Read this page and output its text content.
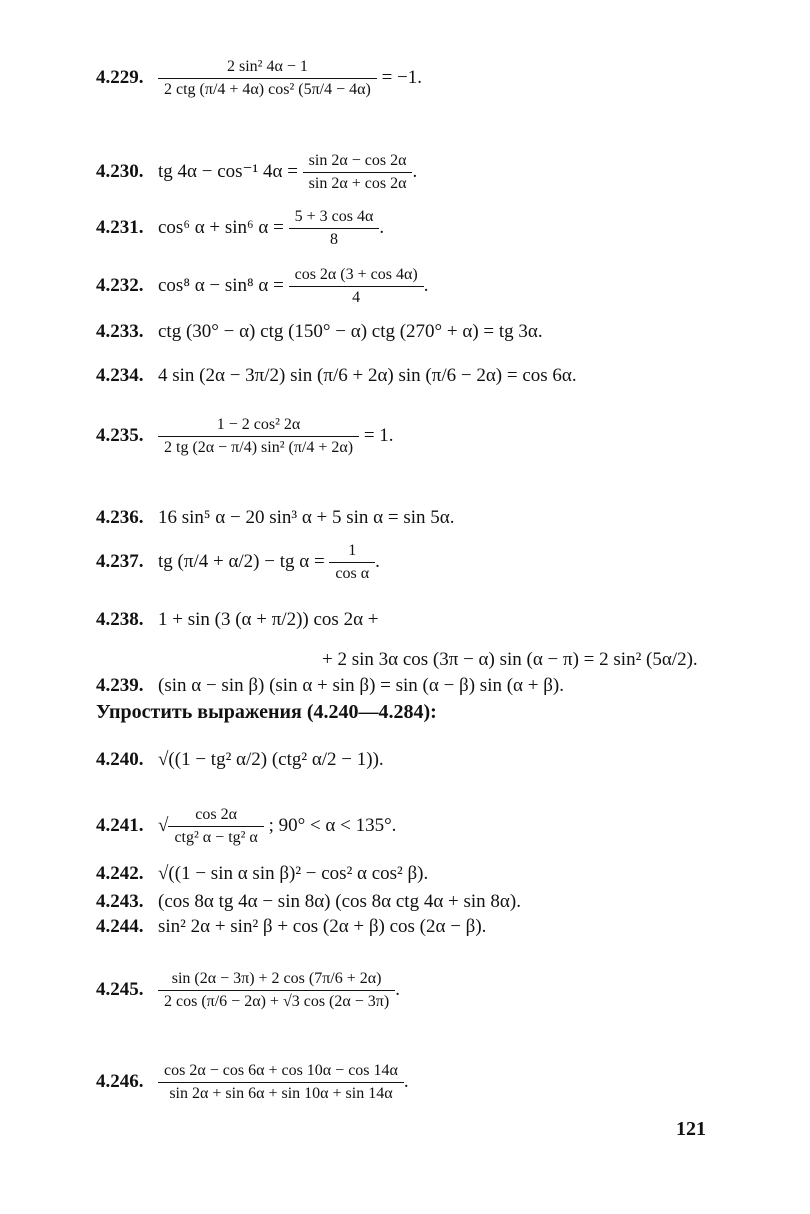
4.229. $\frac{\text{2 sin² 4α − 1}}{\text{2 ctg (π/4 + 4α) cos² (5π/4 − 4α)}} = -1$.
4.230. tg 4α − cos⁻¹ $4\alpha = \frac{\sin 2\alpha - \cos 2\alpha}{\sin 2\alpha + \cos 2\alpha}$ .
4.231. cos⁶ α + sin⁶ $\alpha = \frac{5 + 3 \cos 4\alpha}{8}$ .
4.232. cos⁸ α − sin⁸ $\alpha = \frac{\cos 2\alpha (3 + \cos 4\alpha)}{4}$ .
4.233. ctg (30° − α) ctg (150° − α) ctg (270° + α) = tg 3α.
4.234. 4 sin (2α − 3π/2) sin (π/6 + 2α) sin (π/6 − 2α) = cos 6α.
4.235. $\frac{\text{1 − 2 cos² 2α}}{\text{2 tg (2α − π/4) sin² (π/4 + 2α)}} = 1$.
4.236. 16 sin⁵ α − 20 sin³ α + 5 sin α = sin 5α.
4.237. tg (π/4 + α/2) − tg $\alpha = \frac{1}{\text{cos α}}$ .
4.238. 1 + sin (3 (α + π/2)) cos 2α +
+ 2 sin 3α cos (3π − α) sin (α − π) = 2 sin² (5α/2).
4.239. (sin α − sin β) (sin α + sin β) = sin (α − β) sin (α + β).
Упростить выражения (4.240—4.284):
4.240. √((1 − tg² α/2) (ctg² α/2 − 1)).
4.241. √ $\frac{\cos 2\alpha}{\text{ctg² α − tg² α}}$ ; 90° < α < 135°.
4.242. √((1 − sin α sin β)² − cos² α cos² β).
4.243. (cos 8α tg 4α − sin 8α) (cos 8α ctg 4α + sin 8α).
4.244. sin² 2α + sin² β + cos (2α + β) cos (2α − β).
4.245. $\frac{\sin (2\alpha - 3\pi) + 2 \cos (7\pi/6 + 2\alpha)}{2 \cos (\pi/6 - 2\alpha) + √3 \cos (2\alpha - 3\pi)}$ .
4.246. $\frac{\cos 2\alpha - \cos 6\alpha + \cos 10\alpha - \cos 14\alpha}{\sin 2\alpha + \sin 6\alpha + \sin 10\alpha + \sin 14\alpha}$ .
121
